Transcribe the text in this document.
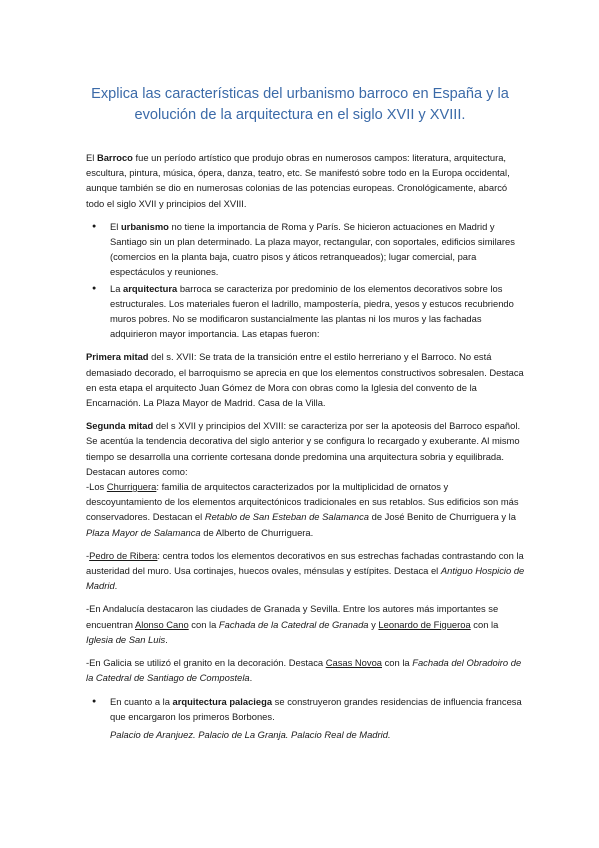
Explica las características del urbanismo barroco en España y la
evolución de la arquitectura en el siglo XVII y XVIII.

El Barroco fue un período artístico que produjo obras en numerosos campos: literatura, arquitectura, escultura, pintura, música, ópera, danza, teatro, etc. Se manifestó sobre todo en la Europa occidental, aunque también se dio en numerosas colonias de las potencias europeas. Cronológicamente, abarcó todo el siglo XVII y principios del XVIII.

● El urbanismo no tiene la importancia de Roma y París. Se hicieron actuaciones en Madrid y Santiago sin un plan determinado. La plaza mayor, rectangular, con soportales, edificios similares (comercios en la planta baja, cuatro pisos y áticos retranqueados); lugar comercial, para espectáculos y reuniones.
● La arquitectura barroca se caracteriza por predominio de los elementos decorativos sobre los estructurales. Los materiales fueron el ladrillo, mampostería, piedra, yesos y estucos recubriendo muros pobres. No se modificaron sustancialmente las plantas ni los muros y las fachadas adquirieron mayor importancia. Las etapas fueron:

Primera mitad del s. XVII: Se trata de la transición entre el estilo herreriano y el Barroco. No está demasiado decorado, el barroquismo se aprecia en que los elementos constructivos sobresalen. Destaca en esta etapa el arquitecto Juan Gómez de Mora con obras como la Iglesia del convento de la Encarnación. La Plaza Mayor de Madrid. Casa de la Villa.

Segunda mitad del s XVII y principios del XVIII: se caracteriza por ser la apoteosis del Barroco español. Se acentúa la tendencia decorativa del siglo anterior y se configura lo recargado y exuberante. Al mismo tiempo se desarrolla una corriente cortesana donde predomina una arquitectura sobria y equilibrada. Destacan autores como:

-Los Churriguera: familia de arquitectos caracterizados por la multiplicidad de ornatos y descoyuntamiento de los elementos arquitectónicos tradicionales en sus retablos. Sus edificios son más conservadores. Destacan el Retablo de San Esteban de Salamanca de José Benito de Churriguera y la Plaza Mayor de Salamanca de Alberto de Churriguera.

-Pedro de Ribera: centra todos los elementos decorativos en sus estrechas fachadas contrastando con la austeridad del muro. Usa cortinajes, huecos ovales, ménsulas y estípites. Destaca el Antiguo Hospicio de Madrid.

-En Andalucía destacaron las ciudades de Granada y Sevilla. Entre los autores más importantes se encuentran Alonso Cano con la Fachada de la Catedral de Granada y Leonardo de Figueroa con la Iglesia de San Luis.

-En Galicia se utilizó el granito en la decoración. Destaca Casas Novoa con la Fachada del Obradoiro de la Catedral de Santiago de Compostela.

● En cuanto a la arquitectura palaciega se construyeron grandes residencias de influencia francesa que encargaron los primeros Borbones.
Palacio de Aranjuez. Palacio de La Granja. Palacio Real de Madrid.
